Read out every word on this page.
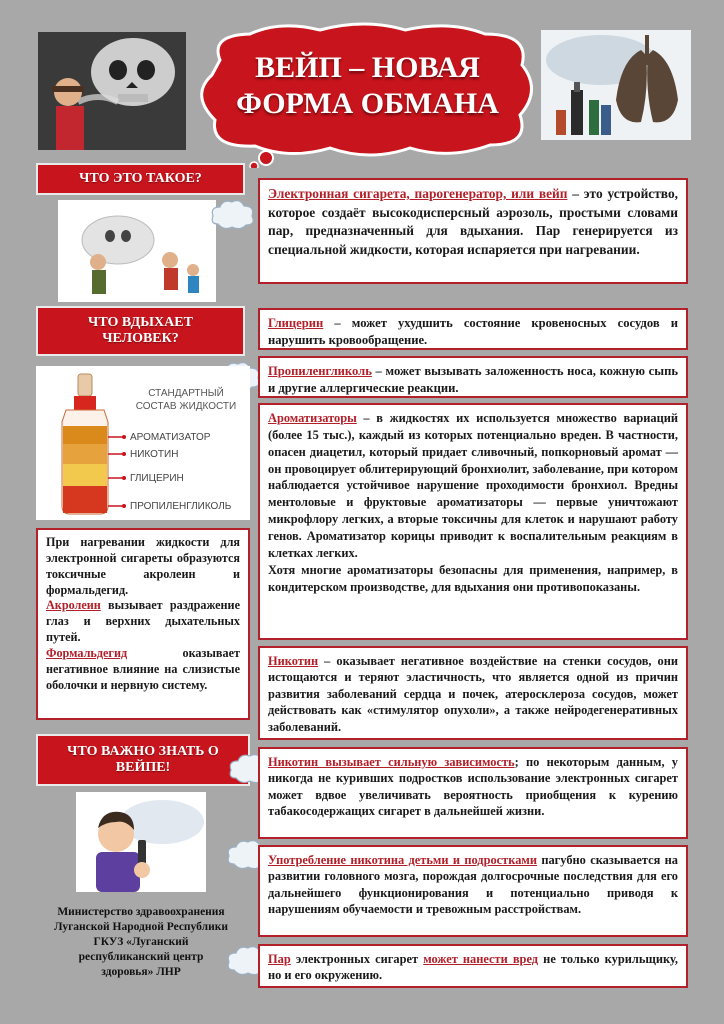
ВЕЙП – НОВАЯ
ФОРМА ОБМАНА
ЧТО ЭТО ТАКОЕ?
Электронная сигарета, парогенератор, или вейп – это устройство, которое создаёт высокодисперсный аэрозоль, простыми словами пар, предназначенный для вдыхания. Пар генерируется из специальной жидкости, которая испаряется при нагревании.
ЧТО ВДЫХАЕТ ЧЕЛОВЕК?
Глицерин – может ухудшить состояние кровеносных сосудов и нарушить кровообращение.
Пропиленгликоль – может вызывать заложенность носа, кожную сыпь и другие аллергические реакции.
СТАНДАРТНЫЙ
СОСТАВ ЖИДКОСТИ
АРОМАТИЗАТОР
НИКОТИН
ГЛИЦЕРИН
ПРОПИЛЕНГЛИКОЛЬ
Ароматизаторы – в жидкостях их используется множество вариаций (более 15 тыс.), каждый из которых потенциально вреден. В частности, опасен диацетил, который придает сливочный, попкорновый аромат — он провоцирует облитерирующий бронхиолит, заболевание, при котором наблюдается устойчивое нарушение проходимости бронхиол. Вредны ментоловые и фруктовые ароматизаторы — первые уничтожают микрофлору легких, а вторые токсичны для клеток и нарушают работу генов. Ароматизатор корицы приводит к воспалительным реакциям в клетках легких.
Хотя многие ароматизаторы безопасны для применения, например, в кондитерском производстве, для вдыхания они противопоказаны.
При нагревании жидкости для электронной сигареты образуются токсичные акролеин и формальдегид.
Акролеин вызывает раздражение глаз и верхних дыхательных путей.
Формальдегид оказывает негативное влияние на слизистые оболочки и нервную систему.
Никотин – оказывает негативное воздействие на стенки сосудов, они истощаются и теряют эластичность, что является одной из причин развития заболеваний сердца и почек, атеросклероза сосудов, может действовать как «стимулятор опухоли», а также нейродегенеративных заболеваний.
ЧТО ВАЖНО ЗНАТЬ О ВЕЙПЕ!	Никотин вызывает сильную зависимость; по некоторым данным, у никогда не куривших подростков использование электронных сигарет может вдвое увеличивать вероятность приобщения к курению табакосодержащих сигарет в дальнейшей жизни.
Употребление никотина детьми и подростками пагубно сказывается на развитии головного мозга, порождая долгосрочные последствия для его дальнейшего функционирования и потенциально приводя к нарушениям обучаемости и тревожным расстройствам.
Пар электронных сигарет может нанести вред не только курильщику, но и его окружению.
Министерство здравоохранения
Луганской Народной Республики
ГКУЗ «Луганский
республиканский центр
здоровья» ЛНР
